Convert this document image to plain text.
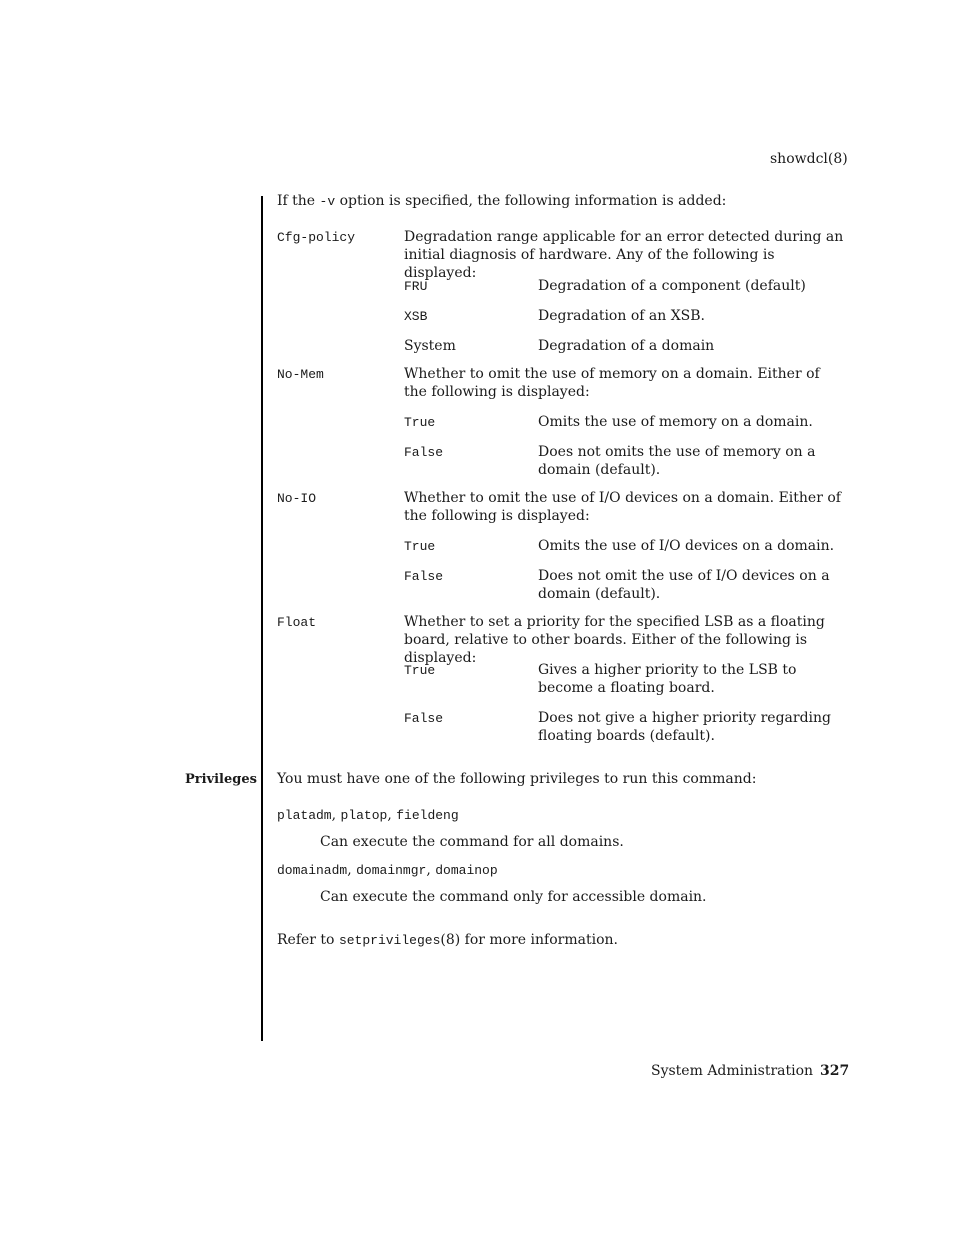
showdcl(8)
If the -v option is specified, the following information is added:
Cfg-policy	Degradation range applicable for an error detected during an initial diagnosis of hardware. Any of the following is displayed:
FRU	Degradation of a component (default)
XSB	Degradation of an XSB.
System	Degradation of a domain
No-Mem	Whether to omit the use of memory on a domain. Either of the following is displayed:
True	Omits the use of memory on a domain.
False	Does not omits the use of memory on a domain (default).
No-IO	Whether to omit the use of I/O devices on a domain. Either of the following is displayed:
True	Omits the use of I/O devices on a domain.
False	Does not omit the use of I/O devices on a domain (default).
Float	Whether to set a priority for the specified LSB as a floating board, relative to other boards. Either of the following is displayed:
True	Gives a higher priority to the LSB to become a floating board.
False	Does not give a higher priority regarding floating boards (default).
Privileges You must have one of the following privileges to run this command:
platadm, platop, fieldeng
Can execute the command for all domains.
domainadm, domainmgr, domainop
Can execute the command only for accessible domain.
Refer to setprivileges(8) for more information.
System Administration 327
